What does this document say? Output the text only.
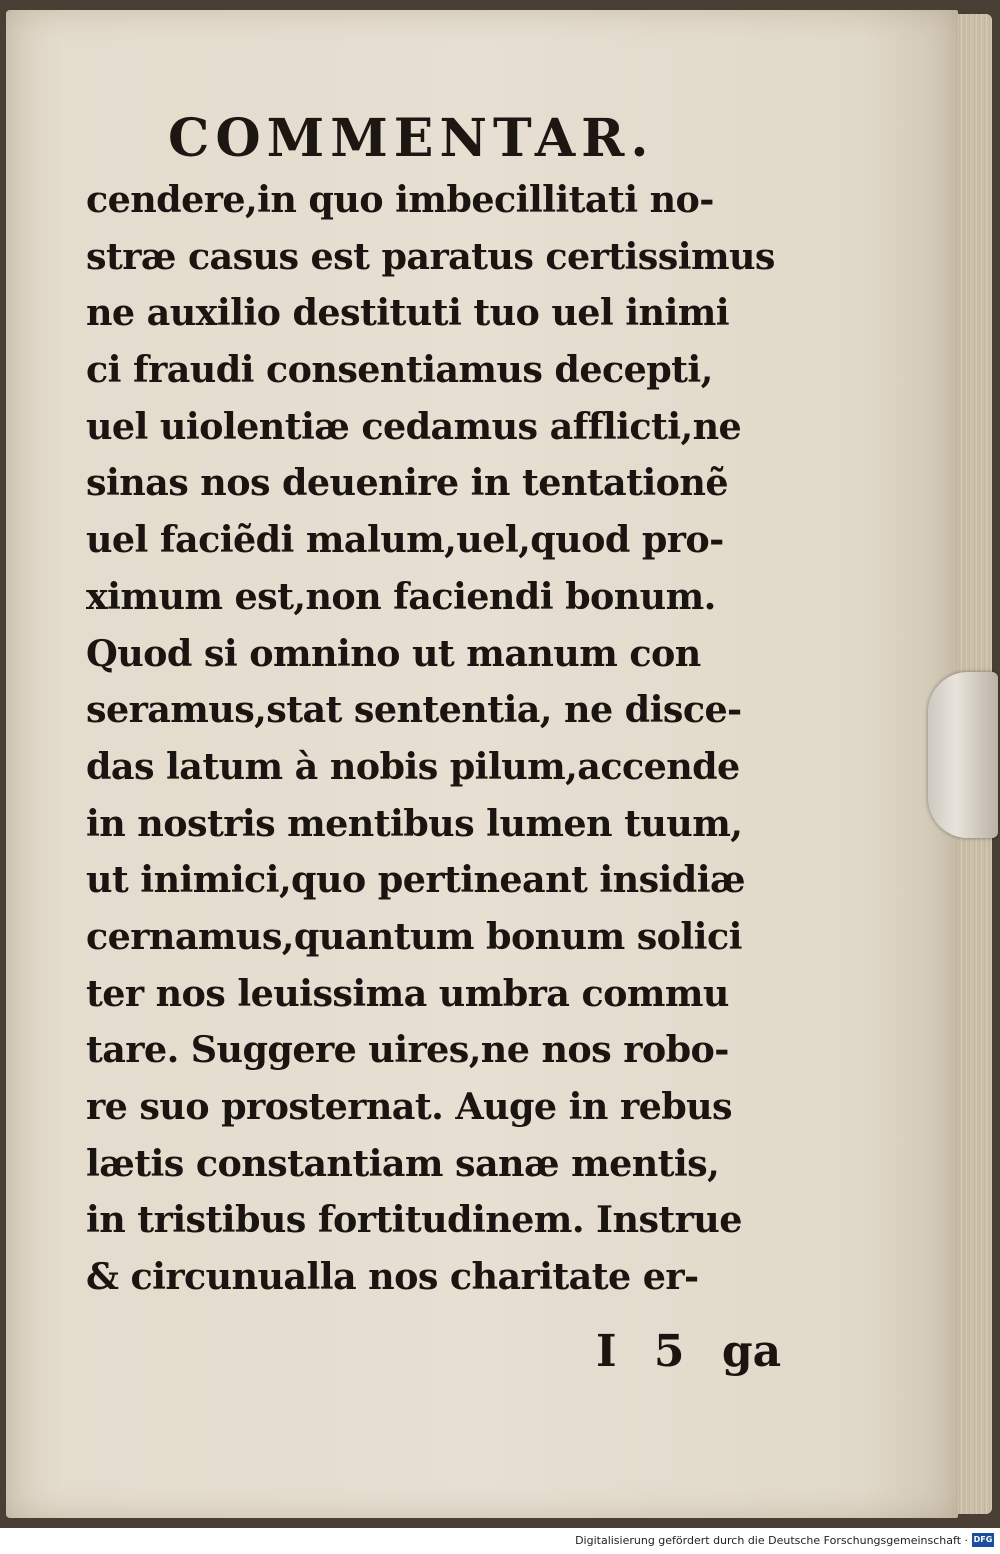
COMMENTAR.
cendere,in quo imbecillitati no-
stræ casus est paratus certissimus
ne auxilio destituti tuo uel inimi
ci fraudi consentiamus decepti,
uel uiolentiæ cedamus afflicti,ne
sinas nos deuenire in tentationẽ
uel faciẽdi malum,uel,quod pro-
ximum est,non faciendi bonum.
Quod si omnino ut manum con
seramus,stat sententia, ne disce-
das latum à nobis pilum,accende
in nostris mentibus lumen tuum,
ut inimici,quo pertineant insidiæ
cernamus,quantum bonum solici
ter nos leuissima umbra commu
tare. Suggere uires,ne nos robo-
re suo prosternat. Auge in rebus
lætis constantiam sanæ mentis,
in tristibus fortitudinem. Instrue
& circunualla nos charitate er-
I 5 ga
Digitalisierung gefördert durch die Deutsche Forschungsgemeinschaft · DFG
